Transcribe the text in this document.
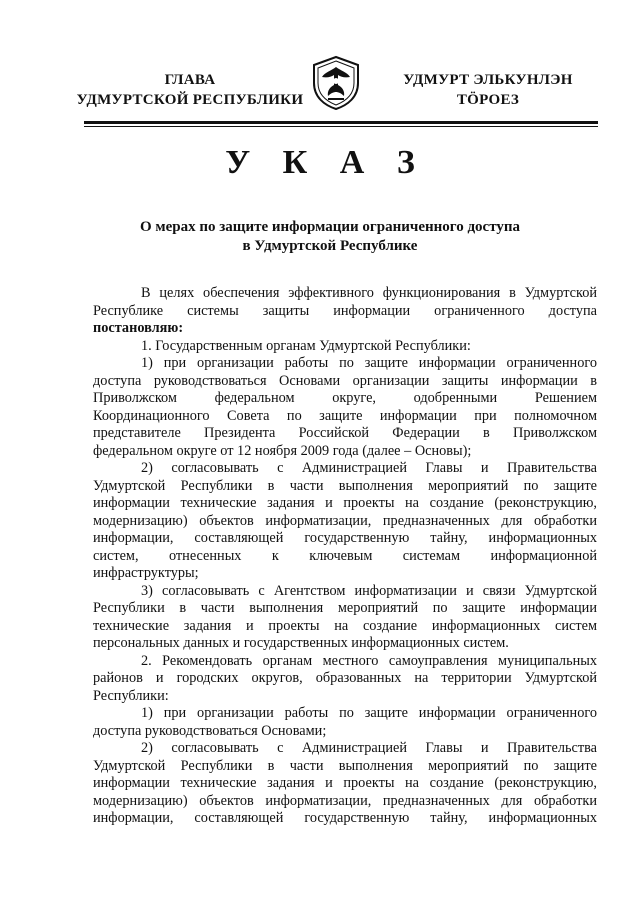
ГЛАВА
УДМУРТСКОЙ РЕСПУБЛИКИ
УДМУРТ ЭЛЬКУНЛЭН
ТӦРОЕЗ
У К А З
О мерах по защите информации ограниченного доступа
в Удмуртской Республике
В целях обеспечения эффективного функционирования в Удмуртской
Республике системы защиты информации ограниченного доступа
постановляю:
1. Государственным органам Удмуртской Республики:
1) при организации работы по защите информации ограниченного
доступа руководствоваться Основами организации защиты информации в
Приволжском федеральном округе, одобренными Решением
Координационного Совета по защите информации при полномочном
представителе Президента Российской Федерации в Приволжском
федеральном округе от 12 ноября 2009 года (далее – Основы);
2) согласовывать с Администрацией Главы и Правительства
Удмуртской Республики в части выполнения мероприятий по защите
информации технические задания и проекты на создание (реконструкцию,
модернизацию) объектов информатизации, предназначенных для обработки
информации, составляющей государственную тайну, информационных
систем, отнесенных к ключевым системам информационной
инфраструктуры;
3) согласовывать с Агентством информатизации и связи Удмуртской
Республики в части выполнения мероприятий по защите информации
технические задания и проекты на создание информационных систем
персональных данных и государственных информационных систем.
2. Рекомендовать органам местного самоуправления муниципальных
районов и городских округов, образованных на территории Удмуртской
Республики:
1) при организации работы по защите информации ограниченного
доступа руководствоваться Основами;
2) согласовывать с Администрацией Главы и Правительства
Удмуртской Республики в части выполнения мероприятий по защите
информации технические задания и проекты на создание (реконструкцию,
модернизацию) объектов информатизации, предназначенных для обработки
информации, составляющей государственную тайну, информационных
